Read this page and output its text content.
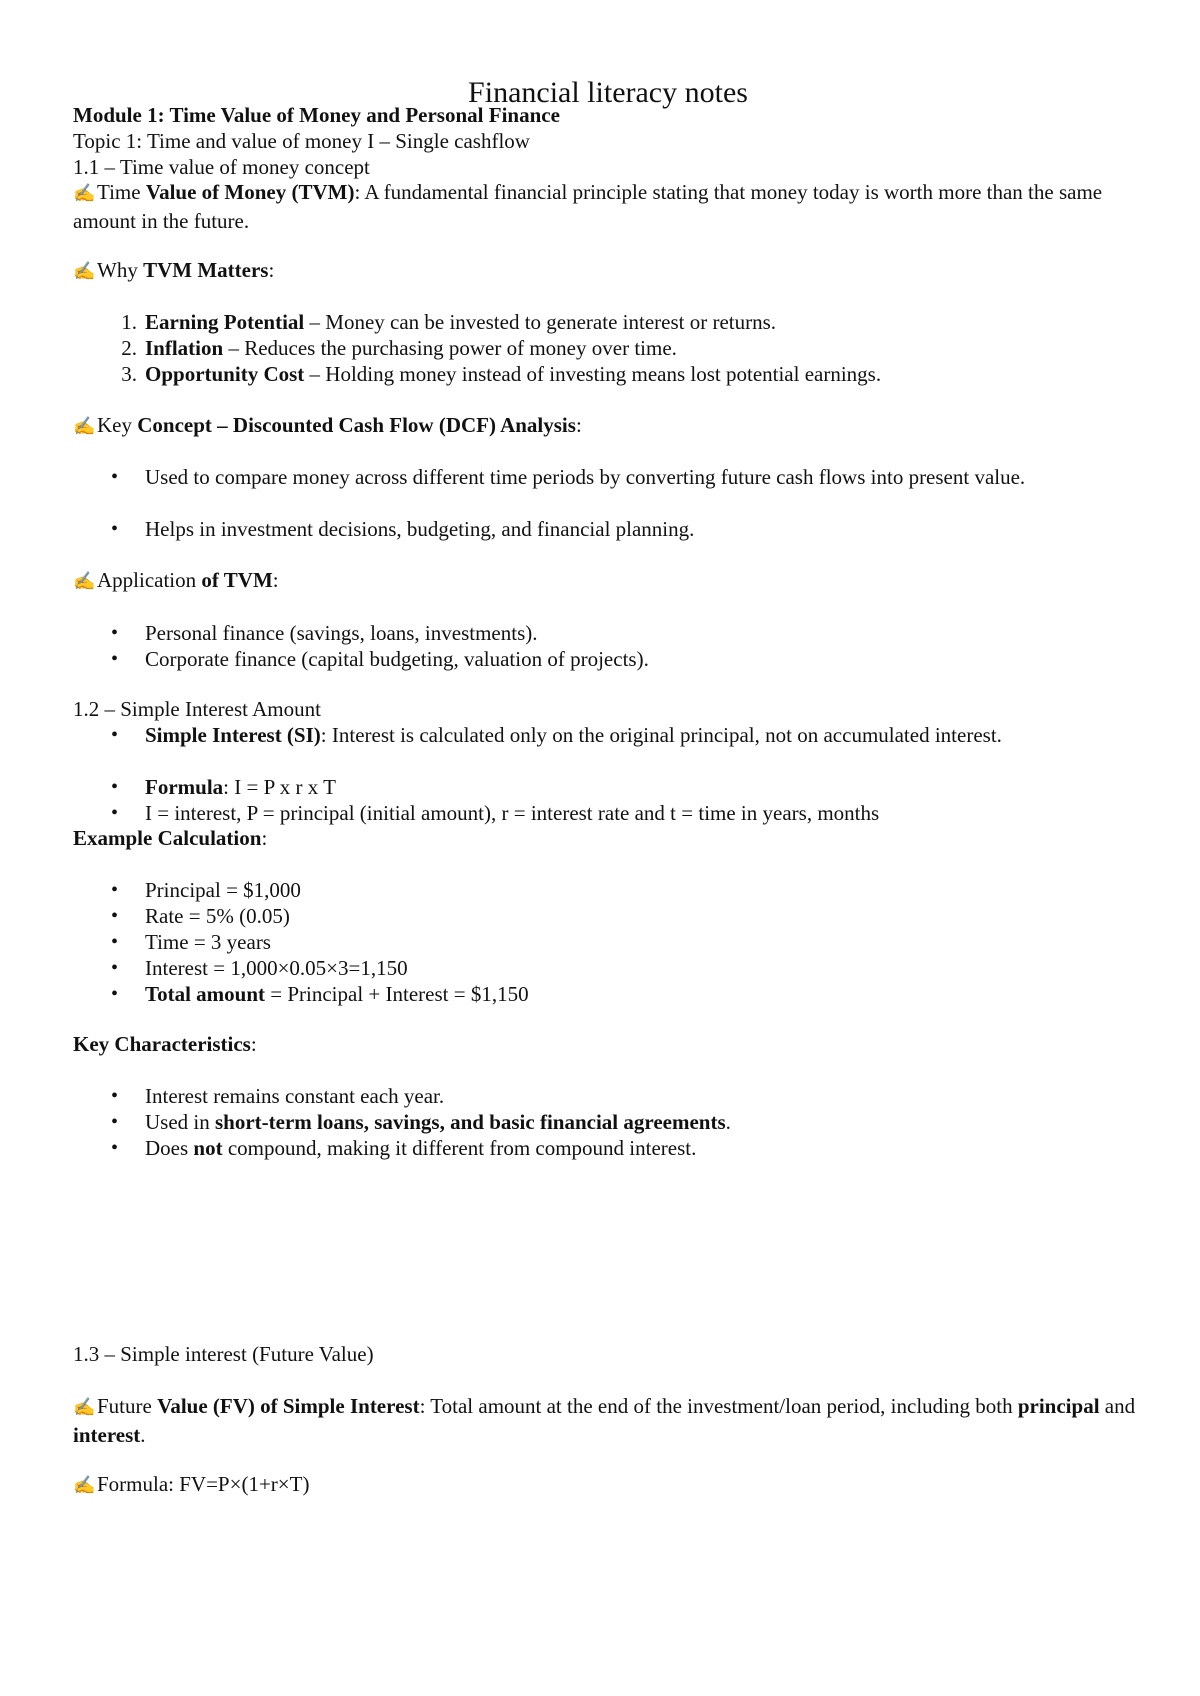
Financial literacy notes
Module 1: Time Value of Money and Personal Finance
Topic 1: Time and value of money I – Single cashflow
1.1 – Time value of money concept
✍Time Value of Money (TVM): A fundamental financial principle stating that money today is worth more than the same amount in the future.
✍Why TVM Matters:
1. Earning Potential – Money can be invested to generate interest or returns.
2. Inflation – Reduces the purchasing power of money over time.
3. Opportunity Cost – Holding money instead of investing means lost potential earnings.
✍Key Concept – Discounted Cash Flow (DCF) Analysis:
• Used to compare money across different time periods by converting future cash flows into present value.
• Helps in investment decisions, budgeting, and financial planning.
✍Application of TVM:
• Personal finance (savings, loans, investments).
• Corporate finance (capital budgeting, valuation of projects).
1.2 – Simple Interest Amount
• Simple Interest (SI): Interest is calculated only on the original principal, not on accumulated interest.
• Formula: I = P x r x T
• I = interest, P = principal (initial amount), r = interest rate and t = time in years, months
Example Calculation:
• Principal = $1,000
• Rate = 5% (0.05)
• Time = 3 years
• Interest = 1,000×0.05×3=1,150
• Total amount = Principal + Interest = $1,150
Key Characteristics:
• Interest remains constant each year.
• Used in short-term loans, savings, and basic financial agreements.
• Does not compound, making it different from compound interest.
1.3 – Simple interest (Future Value)
✍Future Value (FV) of Simple Interest: Total amount at the end of the investment/loan period, including both principal and interest.
✍Formula: FV=P×(1+r×T)
